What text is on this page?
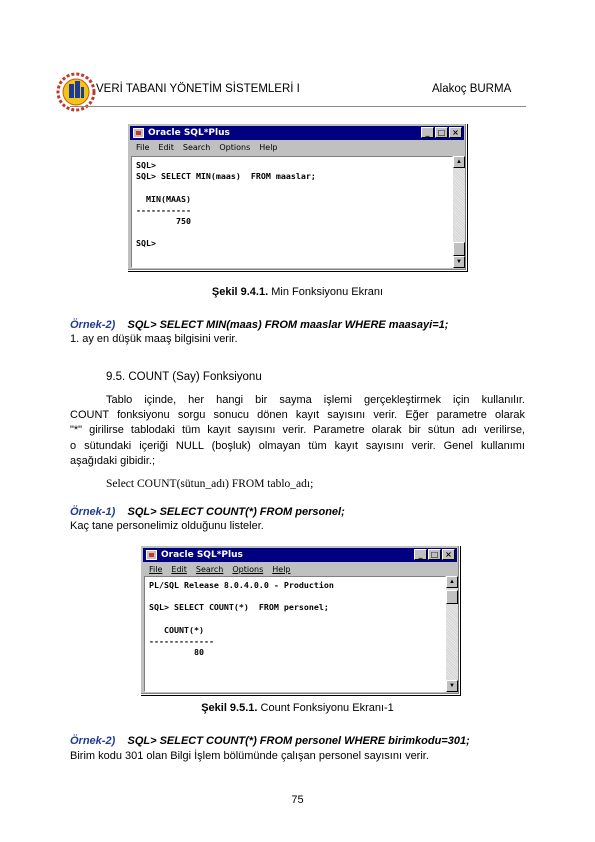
VERİ TABANI YÖNETİM SİSTEMLERİ I	Alakoç BURMA
Oracle SQL*Plus	_	□ ×
File Edit Search Options Help
SQL>
SQL> SELECT MIN(maas)  FROM maaslar;

MIN(MAAS)
-----------
750

SQL>
▲
▼
Şekil 9.4.1. Min Fonksiyonu Ekranı
Örnek-2) SQL> SELECT MIN(maas) FROM maaslar WHERE maasayi=1;
1. ay en düşük maaş bilgisini verir.
9.5. COUNT (Say) Fonksiyonu
Tablo içinde, her hangi bir sayma işlemi gerçekleştirmek için kullanılır.
COUNT fonksiyonu sorgu sonucu dönen kayıt sayısını verir. Eğer parametre olarak
"*" girilirse tablodaki tüm kayıt sayısını verir. Parametre olarak bir sütun adı verilirse,
o sütundaki içeriği NULL (boşluk) olmayan tüm kayıt sayısını verir. Genel kullanımı
aşağıdaki gibidir.;
Select COUNT(sütun_adı) FROM tablo_adı;
Örnek-1) SQL> SELECT COUNT(*) FROM personel;
Kaç tane personelimiz olduğunu listeler.
Oracle SQL*Plus	_	□ ×
File Edit Search Options Help
PL/SQL Release 8.0.4.0.0 - Production

SQL> SELECT COUNT(*)  FROM personel;

COUNT(*)
-------------
80

▲
▼
Şekil 9.5.1. Count Fonksiyonu Ekranı-1
Örnek-2) SQL> SELECT COUNT(*) FROM personel WHERE birimkodu=301;
Birim kodu 301 olan Bilgi İşlem bölümünde çalışan personel sayısını verir.
75
